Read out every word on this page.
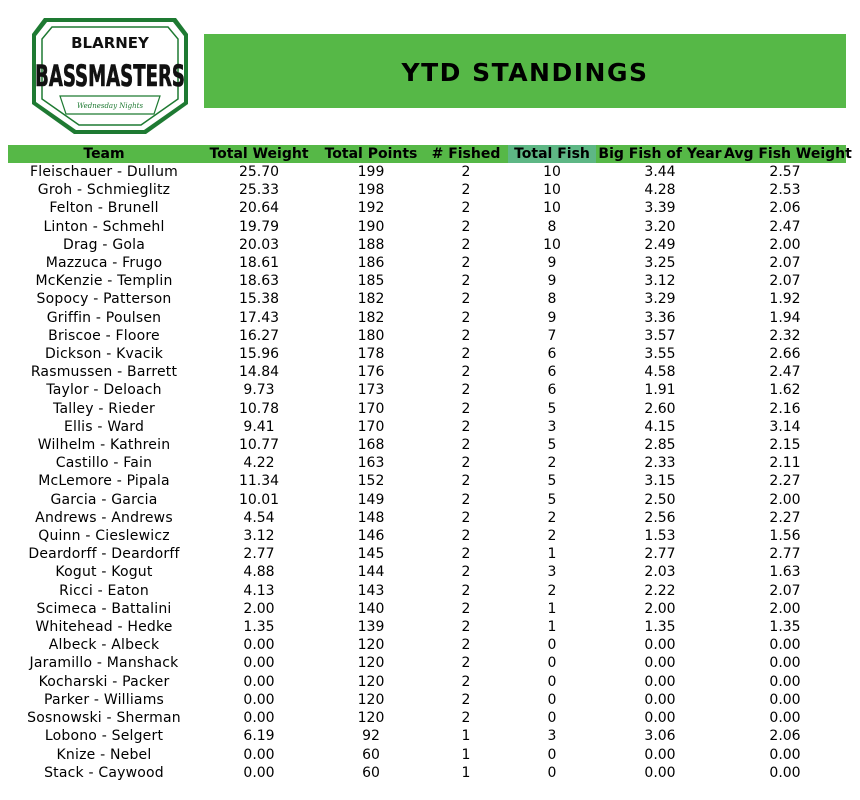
BLARNEY
BASSMASTERS
Wednesday Nights
YTD STANDINGS
Team	Total Weight	Total Points	# Fished	Total Fish	Big Fish of Year	Avg Fish Weight
Fleischauer - Dullum	25.70	199	2	10	3.44	2.57
Groh - Schmieglitz	25.33	198	2	10	4.28	2.53
Felton - Brunell	20.64	192	2	10	3.39	2.06
Linton - Schmehl	19.79	190	2	8	3.20	2.47
Drag - Gola	20.03	188	2	10	2.49	2.00
Mazzuca - Frugo	18.61	186	2	9	3.25	2.07
McKenzie - Templin	18.63	185	2	9	3.12	2.07
Sopocy - Patterson	15.38	182	2	8	3.29	1.92
Griffin - Poulsen	17.43	182	2	9	3.36	1.94
Briscoe - Floore	16.27	180	2	7	3.57	2.32
Dickson - Kvacik	15.96	178	2	6	3.55	2.66
Rasmussen - Barrett	14.84	176	2	6	4.58	2.47
Taylor - Deloach	9.73	173	2	6	1.91	1.62
Talley - Rieder	10.78	170	2	5	2.60	2.16
Ellis - Ward	9.41	170	2	3	4.15	3.14
Wilhelm - Kathrein	10.77	168	2	5	2.85	2.15
Castillo - Fain	4.22	163	2	2	2.33	2.11
McLemore - Pipala	11.34	152	2	5	3.15	2.27
Garcia - Garcia	10.01	149	2	5	2.50	2.00
Andrews - Andrews	4.54	148	2	2	2.56	2.27
Quinn - Cieslewicz	3.12	146	2	2	1.53	1.56
Deardorff - Deardorff	2.77	145	2	1	2.77	2.77
Kogut - Kogut	4.88	144	2	3	2.03	1.63
Ricci - Eaton	4.13	143	2	2	2.22	2.07
Scimeca - Battalini	2.00	140	2	1	2.00	2.00
Whitehead - Hedke	1.35	139	2	1	1.35	1.35
Albeck - Albeck	0.00	120	2	0	0.00	0.00
Jaramillo - Manshack	0.00	120	2	0	0.00	0.00
Kocharski - Packer	0.00	120	2	0	0.00	0.00
Parker - Williams	0.00	120	2	0	0.00	0.00
Sosnowski - Sherman	0.00	120	2	0	0.00	0.00
Lobono - Selgert	6.19	92	1	3	3.06	2.06
Knize - Nebel	0.00	60	1	0	0.00	0.00
Stack - Caywood	0.00	60	1	0	0.00	0.00
